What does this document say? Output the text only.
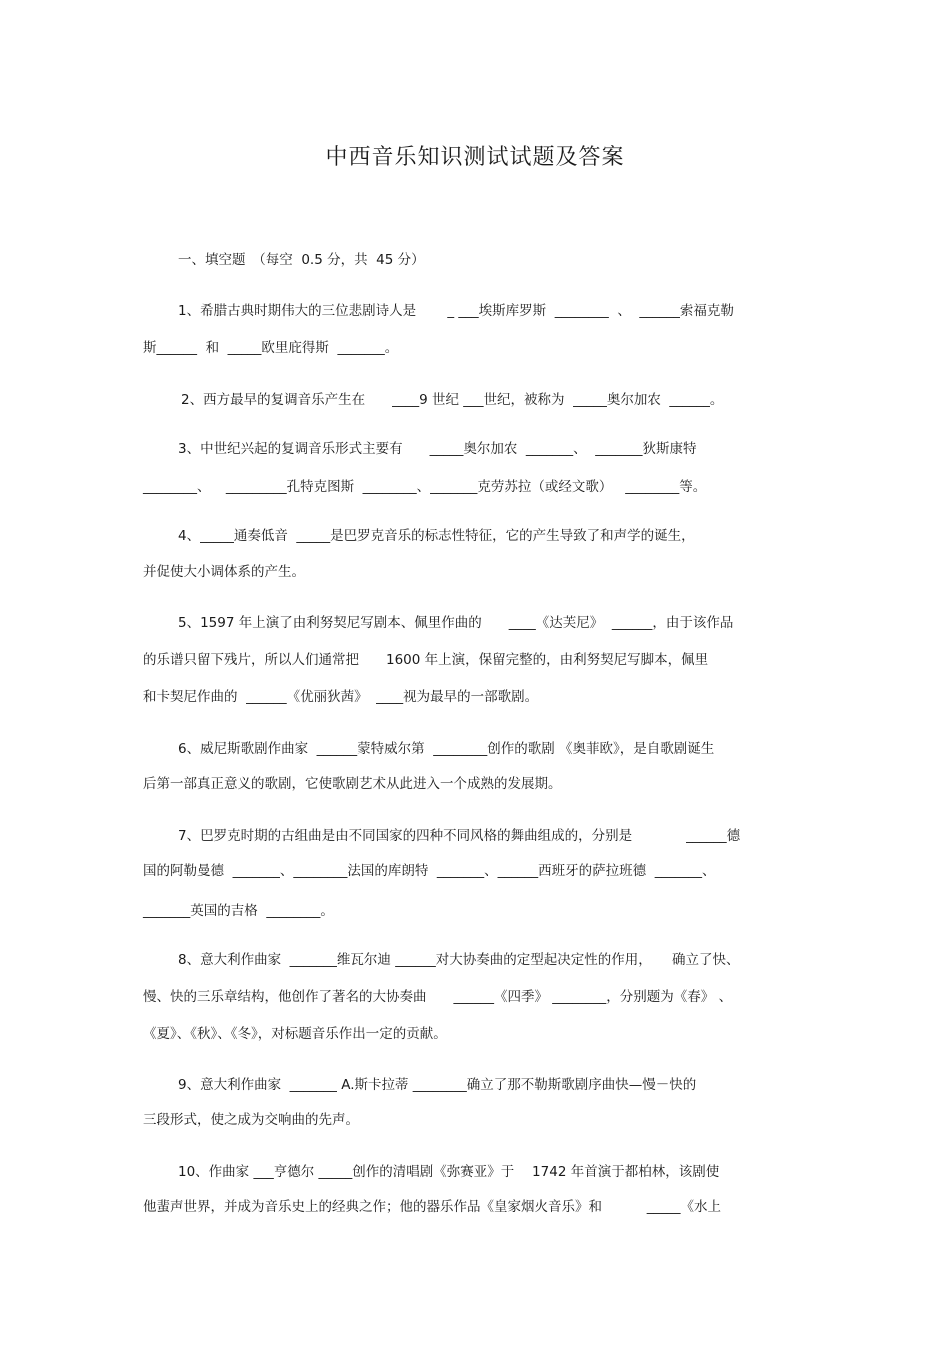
中西音乐知识测试试题及答案
一、填空题　（每空  0.5 分，共  45 分）
1、希腊古典时期伟大的三位悲剧诗人是　　 _ ___埃斯库罗斯  ________  、  ______索福克勒
斯______  和  _____欧里庇得斯  _______。
2、西方最早的复调音乐产生在　　____9 世纪 ___世纪，被称为  _____奥尔加农  ______。
3、中世纪兴起的复调音乐形式主要有　　_____奥尔加农  _______、  _______狄斯康特
________、　  _________孔特克图斯  ________、_______克劳苏拉（或经文歌）   ________等。
4、_____通奏低音  _____是巴罗克音乐的标志性特征，它的产生导致了和声学的诞生，
并促使大小调体系的产生。
5、1597 年上演了由利努契尼写剧本、佩里作曲的　　____《达芙尼》  ______，由于该作品
的乐谱只留下残片，所以人们通常把　　1600 年上演，保留完整的，由利努契尼写脚本，佩里
和卡契尼作曲的  ______《优丽狄茜》  ____视为最早的一部歌剧。
6、威尼斯歌剧作曲家  ______蒙特威尔第  ________创作的歌剧 《奥菲欧》，是自歌剧诞生
后第一部真正意义的歌剧，它使歌剧艺术从此进入一个成熟的发展期。
7、巴罗克时期的古组曲是由不同国家的四种不同风格的舞曲组成的，分别是　　　　______德
国的阿勒曼德  _______、________法国的库朗特  _______、______西班牙的萨拉班德  _______、
_______英国的吉格  ________。
8、意大利作曲家  _______维瓦尔迪 ______对大协奏曲的定型起决定性的作用，　　确立了快、
慢、快的三乐章结构，他创作了著名的大协奏曲　　______《四季》 ________，分别题为《春》 、
《夏》、《秋》、《冬》，对标题音乐作出一定的贡献。
9、意大利作曲家  _______ A.斯卡拉蒂 ________确立了那不勒斯歌剧序曲快—慢－快的
三段形式，使之成为交响曲的先声。
10、作曲家 ___亨德尔 _____创作的清唱剧《弥赛亚》于　 1742 年首演于都柏林，该剧使
他蜚声世界，并成为音乐史上的经典之作；他的器乐作品《皇家烟火音乐》和　　　 _____《水上
